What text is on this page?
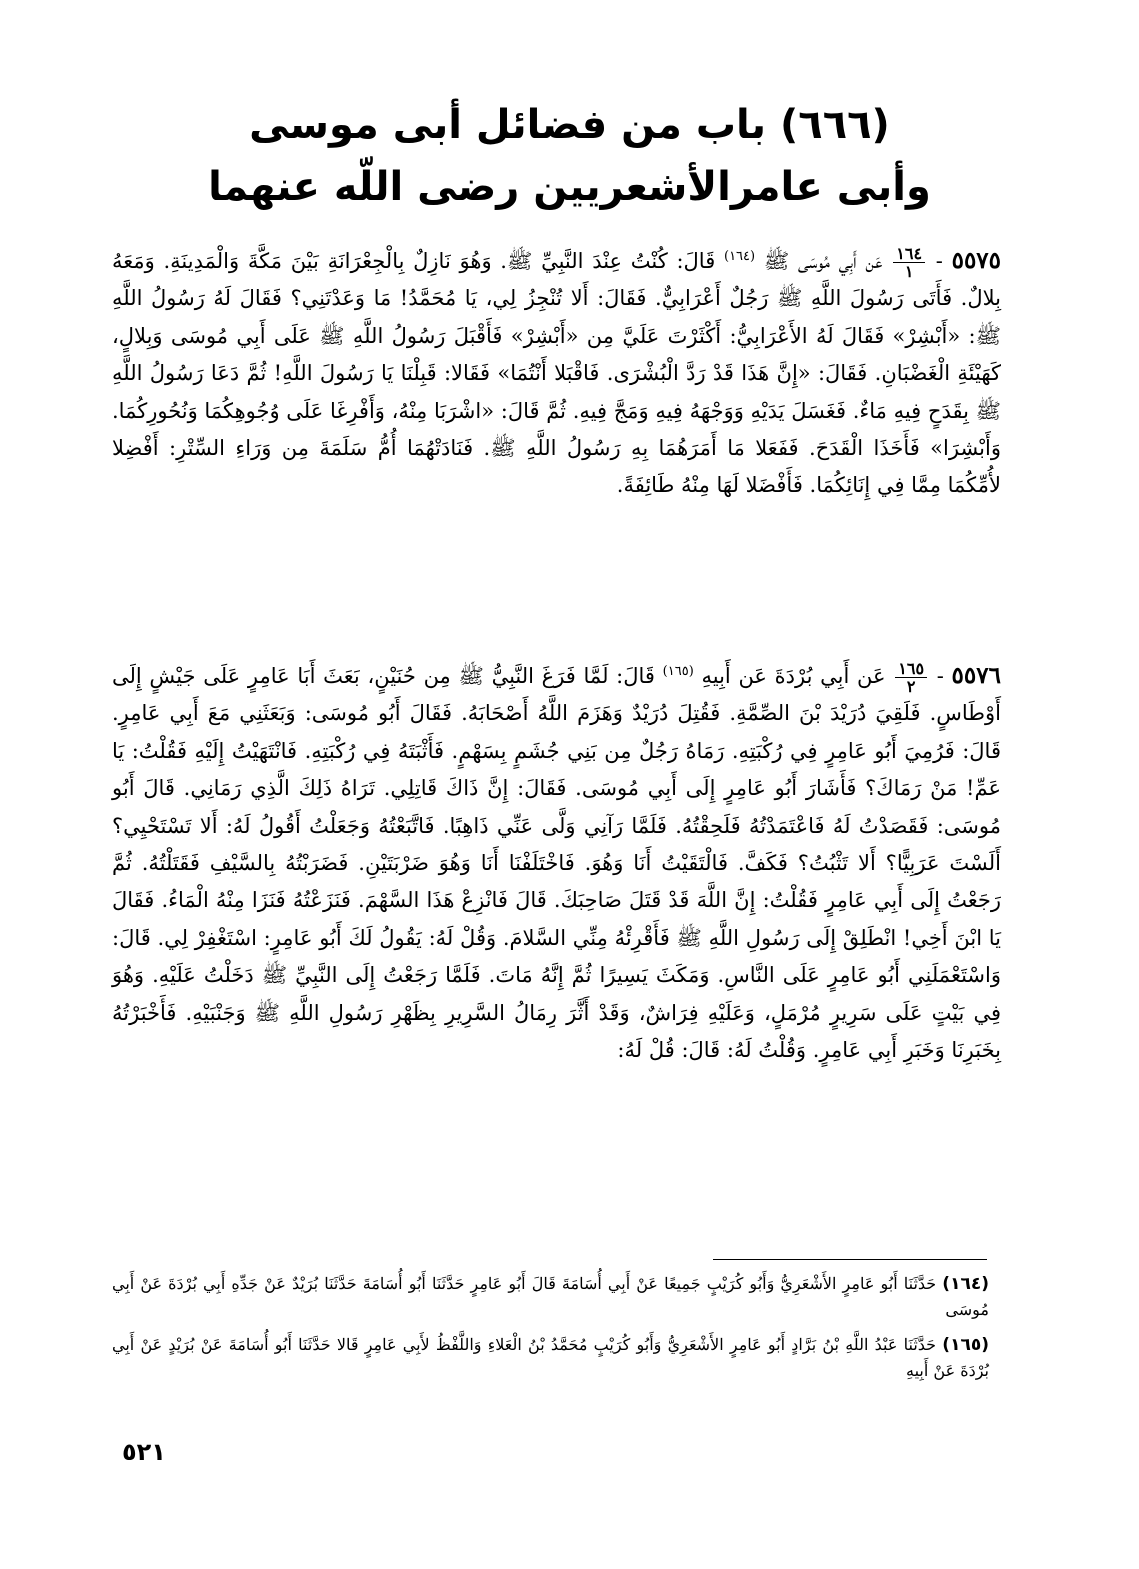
(٦٦٦) باب من فضائل أبى موسى
وأبى عامرالأشعريين رضى اللّه عنهما
٥٥٧٥ -
$\frac{١٦٤}{١}$
عَن أَبِي مُوسَى ﷺ $^{(١٦٤)}$ قَالَ: كُنْتُ عِنْدَ النَّبِيِّ ﷺ. وَهُوَ نَازِلٌ بِالْجِعْرَانَةِ بَيْنَ مَكَّةَ وَالْمَدِينَةِ. وَمَعَهُ بِلالٌ. فَأَتَى رَسُولَ اللَّهِ ﷺ رَجُلٌ أَعْرَابِيٌّ. فَقَالَ: أَلا تُنْجِزُ لِي، يَا مُحَمَّدُ! مَا وَعَدْتَنِي؟ فَقَالَ لَهُ رَسُولُ اللَّهِ ﷺ: «أَبْشِرْ» فَقَالَ لَهُ الأَعْرَابِيُّ: أَكْثَرْتَ عَلَيَّ مِن «أَبْشِرْ» فَأَقْبَلَ رَسُولُ اللَّهِ ﷺ عَلَى أَبِي مُوسَى وَبِلالٍ، كَهَيْئَةِ الْغَضْبَانِ. فَقَالَ: «إِنَّ هَذَا قَدْ رَدَّ الْبُشْرَى. فَاقْبَلا أَنْتُمَا» فَقَالا: قَبِلْنَا يَا رَسُولَ اللَّهِ! ثُمَّ دَعَا رَسُولُ اللَّهِ ﷺ بِقَدَحٍ فِيهِ مَاءٌ. فَغَسَلَ يَدَيْهِ وَوَجْهَهُ فِيهِ وَمَجَّ فِيهِ. ثُمَّ قَالَ: «اشْرَبَا مِنْهُ، وَأَفْرِغَا عَلَى وُجُوهِكُمَا وَنُحُورِكُمَا. وَأَبْشِرَا» فَأَخَذَا الْقَدَحَ. فَفَعَلا مَا أَمَرَهُمَا بِهِ رَسُولُ اللَّهِ ﷺ. فَنَادَتْهُمَا أُمُّ سَلَمَةَ مِن وَرَاءِ السِّتْرِ: أَفْضِلا لأُمِّكُمَا مِمَّا فِي إِنَائِكُمَا. فَأَفْضَلا لَهَا مِنْهُ طَائِفَةً.
٥٥٧٦ -
$\frac{١٦٥}{٢}$
عَن أَبِي بُرْدَةَ عَن أَبِيهِ $^{(١٦٥)}$ قَالَ: لَمَّا فَرَغَ النَّبِيُّ ﷺ مِن حُنَيْنٍ، بَعَثَ أَبَا عَامِرٍ عَلَى جَيْشٍ إِلَى أَوْطَاسٍ. فَلَقِيَ دُرَيْدَ بْنَ الصِّمَّةِ. فَقُتِلَ دُرَيْدٌ وَهَزَمَ اللَّهُ أَصْحَابَهُ. فَقَالَ أَبُو مُوسَى: وَبَعَثَنِي مَعَ أَبِي عَامِرٍ. قَالَ: فَرُمِيَ أَبُو عَامِرٍ فِي رُكْبَتِهِ. رَمَاهُ رَجُلٌ مِن بَنِي جُشَمٍ بِسَهْمٍ. فَأَثْبَتَهُ فِي رُكْبَتِهِ. فَانْتَهَيْتُ إِلَيْهِ فَقُلْتُ: يَا عَمِّ! مَنْ رَمَاكَ؟ فَأَشَارَ أَبُو عَامِرٍ إِلَى أَبِي مُوسَى. فَقَالَ: إِنَّ ذَاكَ قَاتِلِي. تَرَاهُ ذَلِكَ الَّذِي رَمَانِي. قَالَ أَبُو مُوسَى: فَقَصَدْتُ لَهُ فَاعْتَمَدْتُهُ فَلَحِقْتُهُ. فَلَمَّا رَآنِي وَلَّى عَنِّي ذَاهِبًا. فَاتَّبَعْتُهُ وَجَعَلْتُ أَقُولُ لَهُ: أَلا تَسْتَحْيِي؟ أَلَسْتَ عَرَبِيًّا؟ أَلا تَثْبُتُ؟ فَكَفَّ. فَالْتَقَيْتُ أَنَا وَهُوَ. فَاخْتَلَفْنَا أَنَا وَهُوَ ضَرْبَتَيْنِ. فَضَرَبْتُهُ بِالسَّيْفِ فَقَتَلْتُهُ. ثُمَّ رَجَعْتُ إِلَى أَبِي عَامِرٍ فَقُلْتُ: إِنَّ اللَّهَ قَدْ قَتَلَ صَاحِبَكَ. قَالَ فَانْزِعْ هَذَا السَّهْمَ. فَنَزَعْتُهُ فَنَزَا مِنْهُ الْمَاءُ. فَقَالَ يَا ابْنَ أَخِي! انْطَلِقْ إِلَى رَسُولِ اللَّهِ ﷺ فَأَقْرِئْهُ مِنِّي السَّلامَ. وَقُلْ لَهُ: يَقُولُ لَكَ أَبُو عَامِرٍ: اسْتَغْفِرْ لِي. قَالَ: وَاسْتَعْمَلَنِي أَبُو عَامِرٍ عَلَى النَّاسِ. وَمَكَثَ يَسِيرًا ثُمَّ إِنَّهُ مَاتَ. فَلَمَّا رَجَعْتُ إِلَى النَّبِيِّ ﷺ دَخَلْتُ عَلَيْهِ. وَهُوَ فِي بَيْتٍ عَلَى سَرِيرٍ مُرْمَلٍ، وَعَلَيْهِ فِرَاشٌ، وَقَدْ أَثَّرَ رِمَالُ السَّرِيرِ بِظَهْرِ رَسُولِ اللَّهِ ﷺ وَجَنْبَيْهِ. فَأَخْبَرْتُهُ بِخَبَرِنَا وَخَبَرِ أَبِي عَامِرٍ. وَقُلْتُ لَهُ: قَالَ: قُلْ لَهُ:
(١٦٤) حَدَّثَنَا أَبُو عَامِرٍ الأَشْعَرِيُّ وَأَبُو كُرَيْبٍ جَمِيعًا عَنْ أَبِي أُسَامَةَ قَالَ أَبُو عَامِرٍ حَدَّثَنَا أَبُو أُسَامَةَ حَدَّثَنَا بُرَيْدٌ عَنْ جَدِّهِ أَبِي بُرْدَةَ عَنْ أَبِي مُوسَى
(١٦٥) حَدَّثَنَا عَبْدُ اللَّهِ بْنُ بَرَّادٍ أَبُو عَامِرٍ الأَشْعَرِيُّ وَأَبُو كُرَيْبٍ مُحَمَّدُ بْنُ الْعَلاءِ وَاللَّفْظُ لأَبِي عَامِرٍ قَالا حَدَّثَنَا أَبُو أُسَامَةَ عَنْ بُرَيْدٍ عَنْ أَبِي بُرْدَةَ عَنْ أَبِيهِ
٥٢١
